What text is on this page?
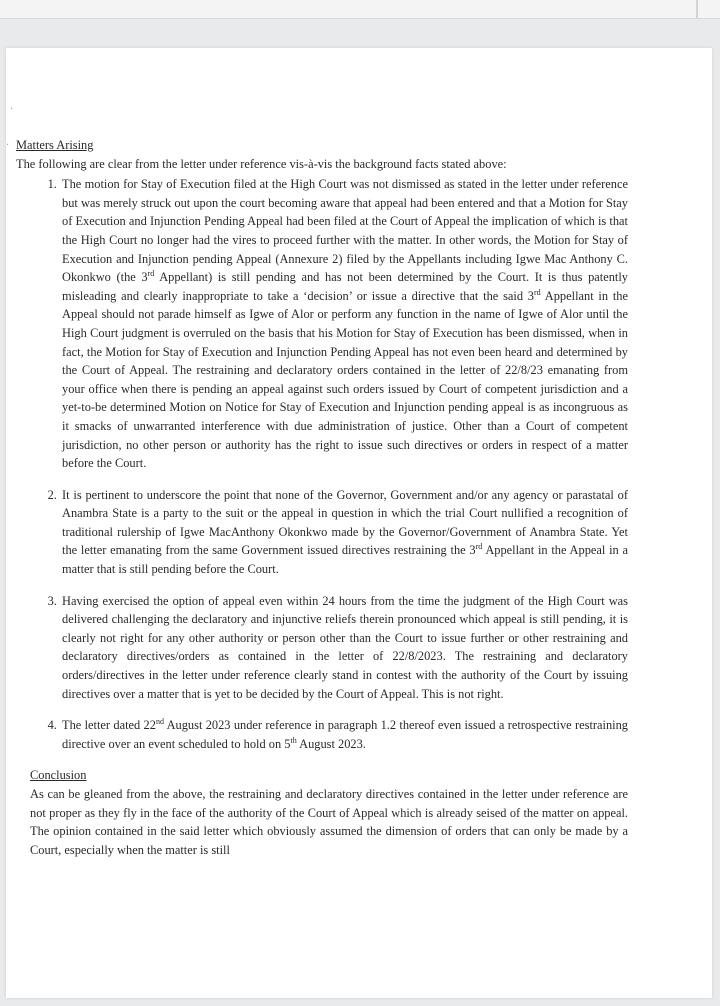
·
· Matters Arising
The following are clear from the letter under reference vis-à-vis the background facts stated above:
1. The motion for Stay of Execution filed at the High Court was not dismissed as stated in the letter under reference but was merely struck out upon the court becoming aware that appeal had been entered and that a Motion for Stay of Execution and Injunction Pending Appeal had been filed at the Court of Appeal the implication of which is that the High Court no longer had the vires to proceed further with the matter. In other words, the Motion for Stay of Execution and Injunction pending Appeal (Annexure 2) filed by the Appellants including Igwe Mac Anthony C. Okonkwo (the 3rd Appellant) is still pending and has not been determined by the Court. It is thus patently misleading and clearly inappropriate to take a ‘decision’ or issue a directive that the said 3rd Appellant in the Appeal should not parade himself as Igwe of Alor or perform any function in the name of Igwe of Alor until the High Court judgment is overruled on the basis that his Motion for Stay of Execution has been dismissed, when in fact, the Motion for Stay of Execution and Injunction Pending Appeal has not even been heard and determined by the Court of Appeal. The restraining and declaratory orders contained in the letter of 22/8/23 emanating from your office when there is pending an appeal against such orders issued by Court of competent jurisdiction and a yet-to-be determined Motion on Notice for Stay of Execution and Injunction pending appeal is as incongruous as it smacks of unwarranted interference with due administration of justice. Other than a Court of competent jurisdiction, no other person or authority has the right to issue such directives or orders in respect of a matter before the Court.
2. It is pertinent to underscore the point that none of the Governor, Government and/or any agency or parastatal of Anambra State is a party to the suit or the appeal in question in which the trial Court nullified a recognition of traditional rulership of Igwe MacAnthony Okonkwo made by the Governor/Government of Anambra State. Yet the letter emanating from the same Government issued directives restraining the 3rd Appellant in the Appeal in a matter that is still pending before the Court.
3. Having exercised the option of appeal even within 24 hours from the time the judgment of the High Court was delivered challenging the declaratory and injunctive reliefs therein pronounced which appeal is still pending, it is clearly not right for any other authority or person other than the Court to issue further or other restraining and declaratory directives/orders as contained in the letter of 22/8/2023. The restraining and declaratory orders/directives in the letter under reference clearly stand in contest with the authority of the Court by issuing directives over a matter that is yet to be decided by the Court of Appeal. This is not right.
4. The letter dated 22nd August 2023 under reference in paragraph 1.2 thereof even issued a retrospective restraining directive over an event scheduled to hold on 5th August 2023.
Conclusion
As can be gleaned from the above, the restraining and declaratory directives contained in the letter under reference are not proper as they fly in the face of the authority of the Court of Appeal which is already seised of the matter on appeal. The opinion contained in the said letter which obviously assumed the dimension of orders that can only be made by a Court, especially when the matter is still
